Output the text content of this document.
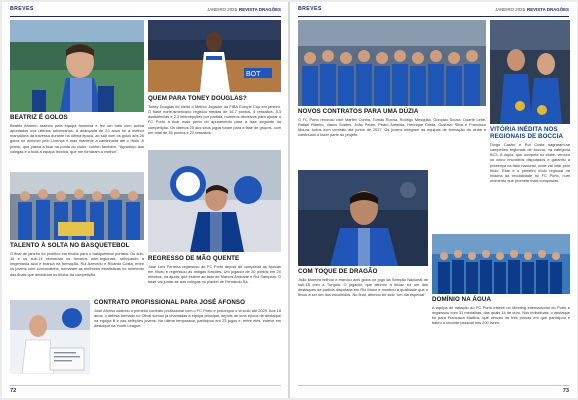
BREVES	JANEIRO 2025 REVISTA DRAGÕES
BEATRIZ É GOLOS
Beatriz Amorim assinou pela equipa feminina e fez um mês com acima apontados nos últimos adversários. A avançada de 23 anos foi a melhor marcadora da travessa durante na última época, ao sair com os golos aos 26 golos no domínio pelo Licença e mas manteve a caminhada até o título. A jovem, que passa a ficar na ponta do clube, contou também: "Agradeço aos colegas e a toda a equipa técnica, que me tornaram a melhor".
BOT
QUEM PARA TONEY DOUGLAS?
Toney Douglas foi eleito o Melhor Jogador da FIBA Europe Cup em janeiro. O base norte-americano registou médias de 16,7 pontos, 4 ressaltos, 5,3 assistências e 2,3 intercepções por partida, números decisivos para ajudar o FC Porto a ficar mais perto do apuramento para a fase seguinte da competição. Os últimos 25 dos seus jogos foram para a fase de grupos, com um total de 35 pontos e 22 ressaltos.
TALENTO À SOLTA NO BASQUETEBOL
O final de janeiro foi prolífico em títulos para o basquetebol portista. Os sub-16 e os sub-14 venceram os torneios inter-regionais, reforçando a hegemonia azul e branca na formação. Rui Azevedo e Ricardo Costa, entre os jovens com convocatória, somaram as melhores estatísticas no momento das finais que decidiram os títulos da competição.
REGRESSO DE MÃO QUENTE
José Luís Ferreira regressou ao FC Porto depois de completar as épocas em Viseu e regressou às antigas funções. Um jogador de 20 pontos em 20 minutos, na ajuda, que esteve ao lado de Marcos Andrade e Rui Sampaio. O base vai juntar-se aos colegas no plantel de Fernando Sá.
CONTRATO PROFISSIONAL PARA JOSÉ AFONSO
José Afonso assinou o primeiro contrato profissional com o FC Porto e prolongou o vínculo até 2029. Aos 18 anos, o defesa formado no Olival somou já chamadas à equipa principal, depois de uma época de destaque na equipa B e nas seleções jovens. Na última temporada, participou em 23 jogos e, entre eles, esteve em destaque na Youth League.
72
BREVES	JANEIRO 2025 REVISTA DRAGÕES
NOVOS CONTRATOS PARA UMA DÚZIA
O FC Porto renovou com Martim Cunha, Tomás Rocha, Rodrigo Mesquita, Gonçalo Sousa, Duarte Leite, Rafael Ribeiro, Vasco Soares, João Pedro, Pedro Almeida, Henrique Costa, Gustavo Silva e Francisco Moura, todos com contrato até junho de 2027. Os jovens integram as equipas de formação do clube e continuam a fazer parte do projeto.
VITÓRIA INÉDITA NOS REGIONAIS DE BOCCIA
Diogo Castro e Rui Costa sagraram-se campeões regionais de boccia, na categoria BC3. A dupla, que compete no clube, venceu os cinco encontros disputados e garantiu a presença na fase nacional, onde vai lutar pelo título. Este é o primeiro título regional na história da modalidade no FC Porto, num momento que promete mais conquistas.
COM TOQUE DE DRAGÃO
João Moreira brilhou e marcou dois golos no jogo da Seleção Nacional de sub-15 com a Turquia. O jogador, que alinhou a titular, foi um dos destaques da partida disputada em Rio Maior e mostrou a qualidade que o levou a ser um dos escolhidos. No final, afirmou ter sido "um dia especial".
DOMÍNIO NA ÁGUA
A equipa de natação do FC Porto esteve no Meeting Internacional do Porto e regressou com 31 medalhas, das quais 14 de ouro. Nos individuais, o destaque foi para Francisca Martins, que venceu as três provas em que participou e bateu o recorde pessoal nos 200 livres.
73
